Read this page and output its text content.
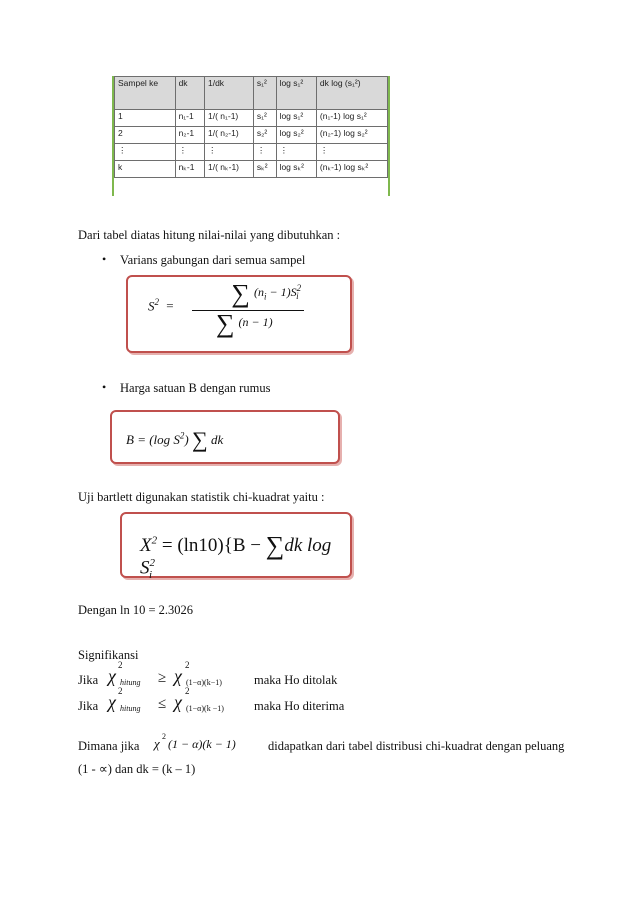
Sampel ke	dk	1/dk	s₁²	log s₁²	dk log (s₁²)
1	n₁-1	1/( n₁-1)	s₁²	log s₁²	(n₁-1) log s₁²
2	n₂-1	1/( n₂-1)	s₂²	log s₂²	(n₂-1) log s₂²
⋮	⋮	⋮	⋮	⋮	⋮
k	nₖ-1	1/( nₖ-1)	sₖ²	log sₖ²	(nₖ-1) log sₖ²
Dari tabel diatas hitung nilai-nilai yang dibutuhkan :
• Varians gabungan dari semua sampel
$S^2$ =	∑ $^{(n_i - 1)S^2_i}$
∑ $^{(n - 1)}$
• Harga satuan B dengan rumus
B = (log $S^2$) ∑ dk
Uji bartlett digunakan statistik chi-kuadrat yaitu :
$X^2 = (\ln 10)\{B - \sum dk$ $\log S^2_i$
Dengan ln 10 = 2.3026
Signifikansi
Jika χ
2
hitung ≥ χ
2
(1−α)(k−1)	maka Ho ditolak
Jika χ
2
hitung ≤ χ
2
(1−α)(k −1) maka Ho diterima
Dimana jika χ 2
(1 − α)(k − 1)	didapatkan dari tabel distribusi chi-kuadrat dengan peluang
(1 - ∝) dan dk = (k – 1)
